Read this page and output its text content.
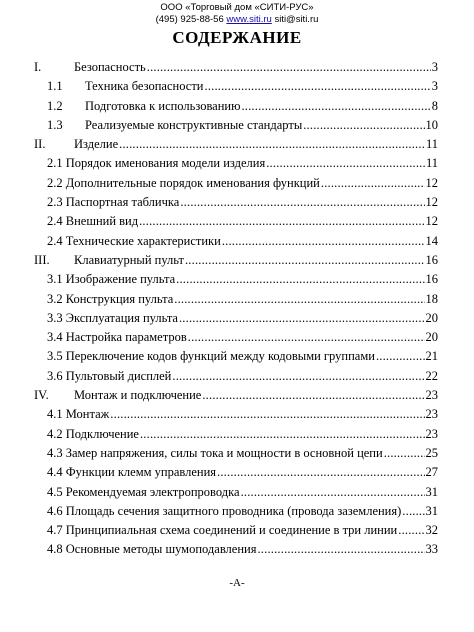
ООО «Торговый дом «СИТИ-РУС»
(495) 925-88-56 www.siti.ru siti@siti.ru
СОДЕРЖАНИЕ
I.	Безопасность .....	3
1.1	Техника безопасности .....	3
1.2	Подготовка к использованию .....	8
1.3	Реализуемые конструктивные стандарты .....	10
II.	Изделие .....	11
2.1 Порядок именования модели изделия .....	11
2.2 Дополнительные порядок именования функций .....	12
2.3 Паспортная табличка .....	12
2.4 Внешний вид .....	12
2.4 Технические характеристики .....	14
III.	Клавиатурный пульт .....	16
3.1 Изображение пульта .....	16
3.2 Конструкция пульта .....	18
3.3 Эксплуатация пульта .....	20
3.4 Настройка параметров .....	20
3.5 Переключение кодов функций между кодовыми группами .....	21
3.6 Пультовый дисплей .....	22
IV.	Монтаж и подключение .....	23
4.1 Монтаж .....	23
4.2 Подключение .....	23
4.3 Замер напряжения, силы тока и мощности в основной цепи .....	25
4.4 Функции клемм управления .....	27
4.5 Рекомендуемая электропроводка .....	31
4.6 Площадь сечения защитного проводника (провода заземления) ..... 31
4.7 Принципиальная схема соединений и соединение в три линии ..... 32
4.8 Основные методы шумоподавления .....	33
-A-
